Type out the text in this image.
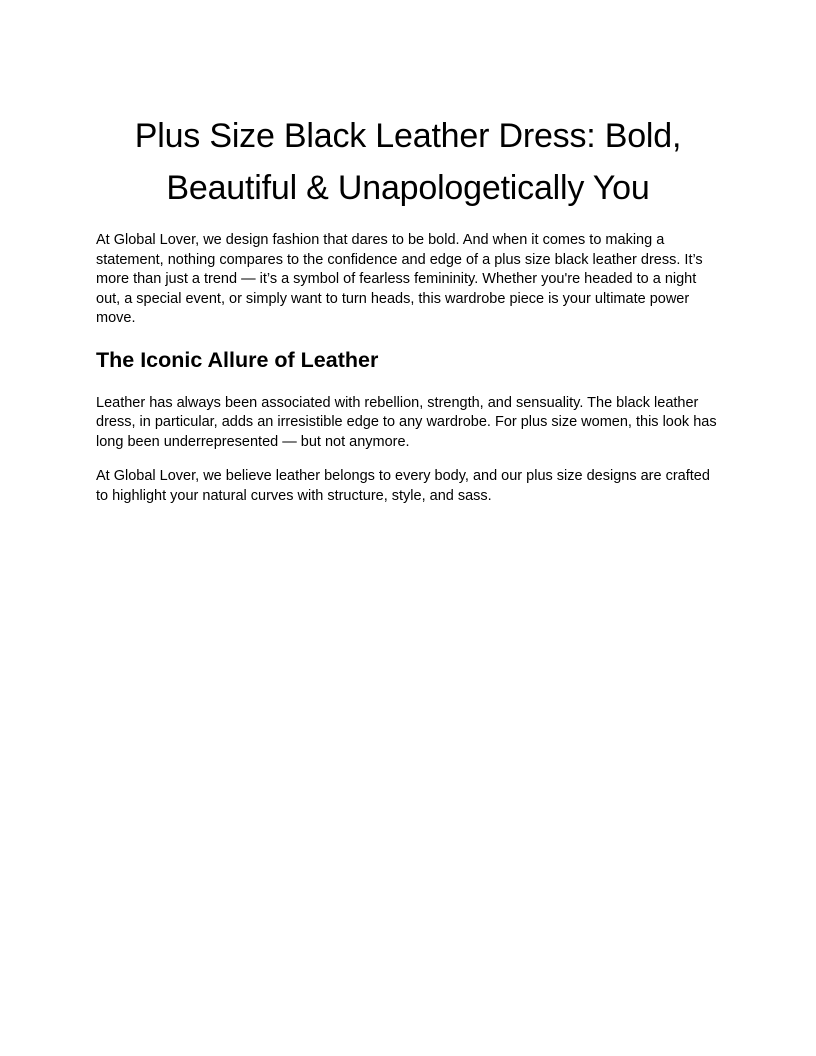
Plus Size Black Leather Dress: Bold, Beautiful & Unapologetically You

At Global Lover, we design fashion that dares to be bold. And when it comes to making a statement, nothing compares to the confidence and edge of a plus size black leather dress. It’s more than just a trend — it’s a symbol of fearless femininity. Whether you're headed to a night out, a special event, or simply want to turn heads, this wardrobe piece is your ultimate power move.

The Iconic Allure of Leather

Leather has always been associated with rebellion, strength, and sensuality. The black leather dress, in particular, adds an irresistible edge to any wardrobe. For plus size women, this look has long been underrepresented — but not anymore.

At Global Lover, we believe leather belongs to every body, and our plus size designs are crafted to highlight your natural curves with structure, style, and sass.
